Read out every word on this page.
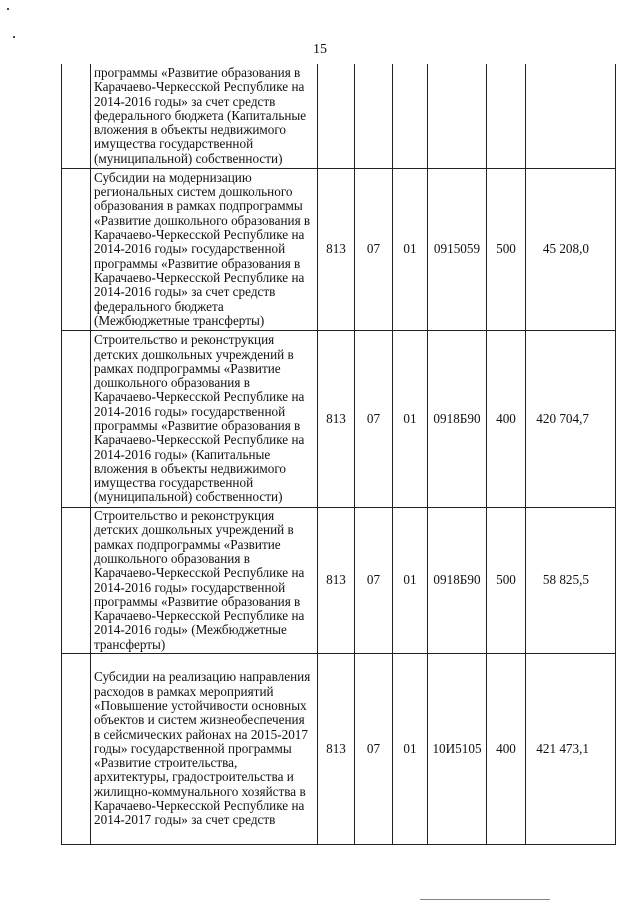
15
	программы «Развитие образования в Карачаево-Черкесской Республике на 2014-2016 годы» за счет средств федерального бюджета (Капитальные вложения в объекты недвижимого имущества государственной (муниципальной) собственности)						
	Субсидии на модернизацию региональных систем дошкольного образования в рамках подпрограммы «Развитие дошкольного образования в Карачаево-Черкесской Республике на 2014-2016 годы» государственной программы «Развитие образования в Карачаево-Черкесской Республике на 2014-2016 годы» за счет средств федерального бюджета (Межбюджетные трансферты)	813	07	01	0915059	500	45 208,0
	Строительство и реконструкция детских дошкольных учреждений в рамках подпрограммы «Развитие дошкольного образования в Карачаево-Черкесской Республике на 2014-2016 годы» государственной программы «Развитие образования в Карачаево-Черкесской Республике на 2014-2016 годы» (Капитальные вложения в объекты недвижимого имущества государственной (муниципальной) собственности)	813	07	01	0918Б90	400	420 704,7
	Строительство и реконструкция детских дошкольных учреждений в рамках подпрограммы «Развитие дошкольного образования в Карачаево-Черкесской Республике на 2014-2016 годы» государственной программы «Развитие образования в Карачаево-Черкесской Республике на 2014-2016 годы» (Межбюджетные трансферты)	813	07	01	0918Б90	500	58 825,5
	Субсидии на реализацию направления расходов в рамках мероприятий «Повышение устойчивости основных объектов и систем жизнеобеспечения в сейсмических районах на 2015-2017 годы» государственной программы «Развитие строительства, архитектуры, градостроительства и жилищно-коммунального хозяйства в Карачаево-Черкесской Республике на 2014-2017 годы» за счет средств	813	07	01	10И5105	400	421 473,1
